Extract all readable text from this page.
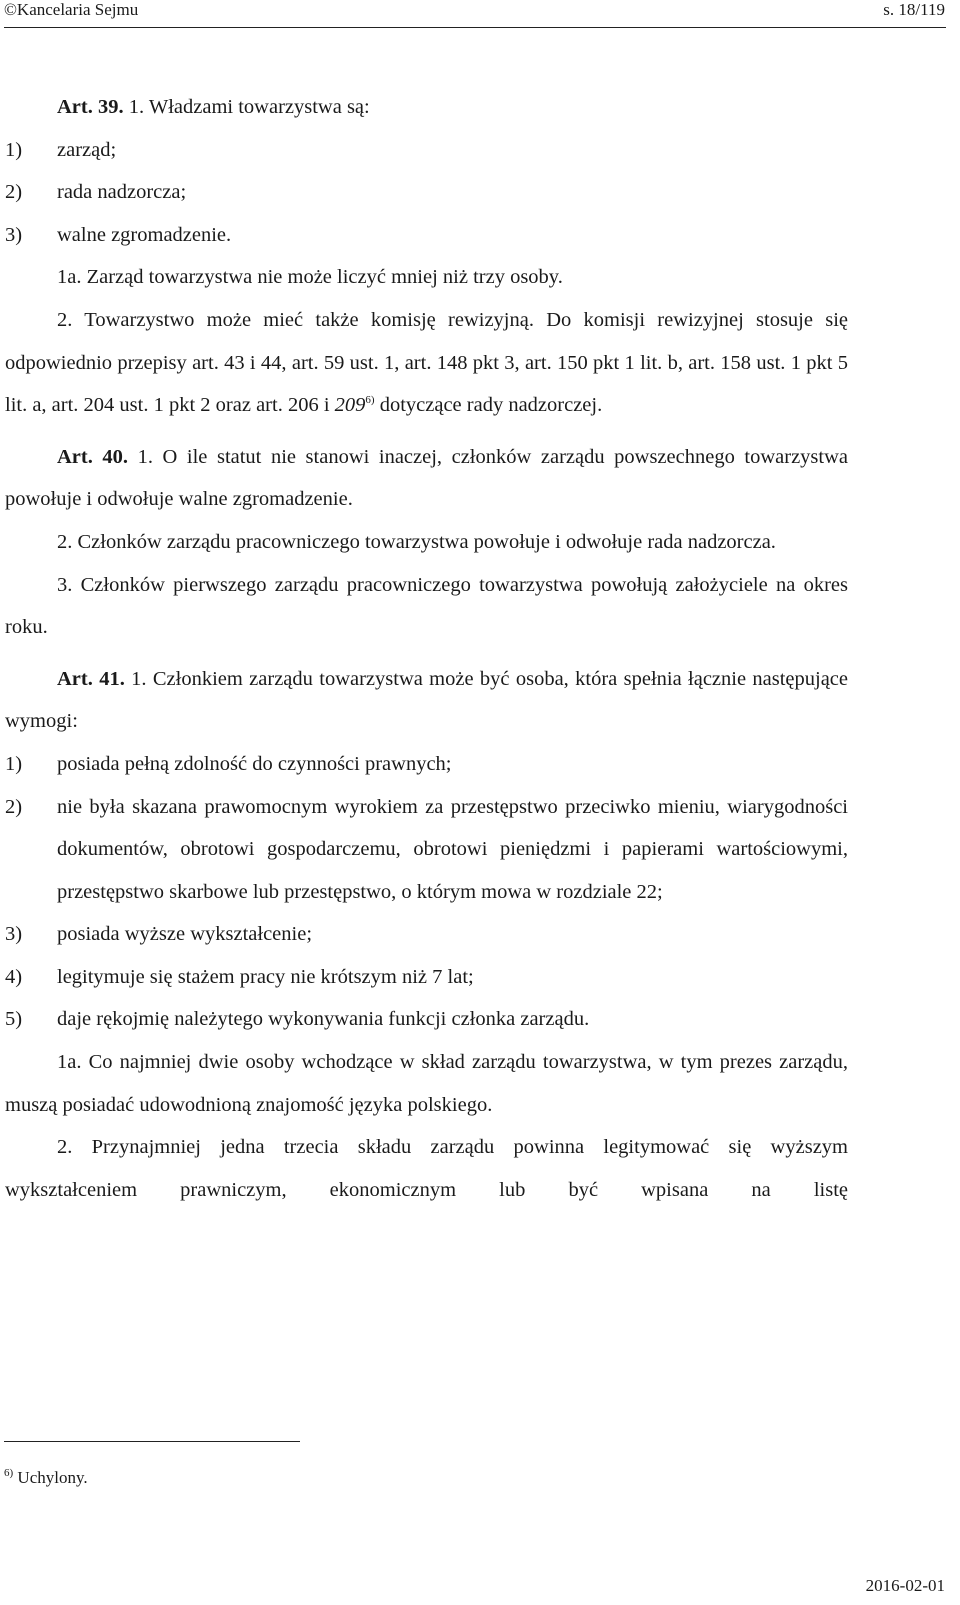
©Kancelaria Sejmu	s. 18/119

Art. 39. 1. Władzami towarzystwa są:

1) zarząd;

2) rada nadzorcza;

3) walne zgromadzenie.

1a. Zarząd towarzystwa nie może liczyć mniej niż trzy osoby.

2. Towarzystwo może mieć także komisję rewizyjną. Do komisji rewizyjnej stosuje się odpowiednio przepisy art. 43 i 44, art. 59 ust. 1, art. 148 pkt 3, art. 150 pkt 1 lit. b, art. 158 ust. 1 pkt 5 lit. a, art. 204 ust. 1 pkt 2 oraz art. 206 i 209$^{6)}$ dotyczące rady nadzorczej.

Art. 40. 1. O ile statut nie stanowi inaczej, członków zarządu powszechnego towarzystwa powołuje i odwołuje walne zgromadzenie.

2. Członków zarządu pracowniczego towarzystwa powołuje i odwołuje rada nadzorcza.

3. Członków pierwszego zarządu pracowniczego towarzystwa powołują założyciele na okres roku.

Art. 41. 1. Członkiem zarządu towarzystwa może być osoba, która spełnia łącznie następujące wymogi:

1) posiada pełną zdolność do czynności prawnych;

2) nie była skazana prawomocnym wyrokiem za przestępstwo przeciwko mieniu, wiarygodności dokumentów, obrotowi gospodarczemu, obrotowi pieniędzmi i papierami wartościowymi, przestępstwo skarbowe lub przestępstwo, o którym mowa w rozdziale 22;

3) posiada wyższe wykształcenie;

4) legitymuje się stażem pracy nie krótszym niż 7 lat;

5) daje rękojmię należytego wykonywania funkcji członka zarządu.

1a. Co najmniej dwie osoby wchodzące w skład zarządu towarzystwa, w tym prezes zarządu, muszą posiadać udowodnioną znajomość języka polskiego.

2. Przynajmniej jedna trzecia składu zarządu powinna legitymować się wyższym wykształceniem prawniczym, ekonomicznym lub być wpisana na listę

$^{6)}$ Uchylony.
2016-02-01
